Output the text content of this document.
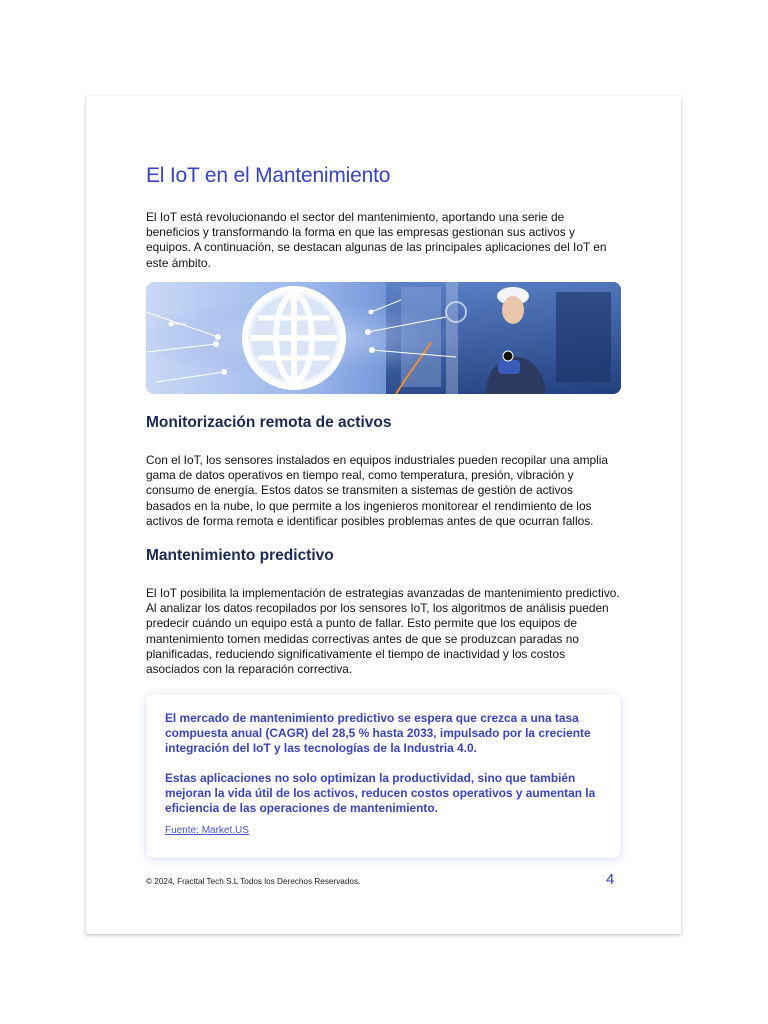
El IoT en el Mantenimiento

El IoT está revolucionando el sector del mantenimiento, aportando una serie de beneficios y transformando la forma en que las empresas gestionan sus activos y equipos. A continuación, se destacan algunas de las principales aplicaciones del IoT en este ámbito.

Monitorización remota de activos

Con el IoT, los sensores instalados en equipos industriales pueden recopilar una amplia gama de datos operativos en tiempo real, como temperatura, presión, vibración y consumo de energía. Estos datos se transmiten a sistemas de gestión de activos basados en la nube, lo que permite a los ingenieros monitorear el rendimiento de los activos de forma remota e identificar posibles problemas antes de que ocurran fallos.

Mantenimiento predictivo

El IoT posibilita la implementación de estrategias avanzadas de mantenimiento predictivo. Al analizar los datos recopilados por los sensores IoT, los algoritmos de análisis pueden predecir cuándo un equipo está a punto de fallar. Esto permite que los equipos de mantenimiento tomen medidas correctivas antes de que se produzcan paradas no planificadas, reduciendo significativamente el tiempo de inactividad y los costos asociados con la reparación correctiva.

El mercado de mantenimiento predictivo se espera que crezca a una tasa compuesta anual (CAGR) del 28,5 % hasta 2033, impulsado por la creciente integración del IoT y las tecnologías de la Industria 4.0.

Estas aplicaciones no solo optimizan la productividad, sino que también mejoran la vida útil de los activos, reducen costos operativos y aumentan la eficiencia de las operaciones de mantenimiento.

Fuente: Market.US

© 2024, Fracttal Tech S.L Todos los Derechos Reservados.	4
